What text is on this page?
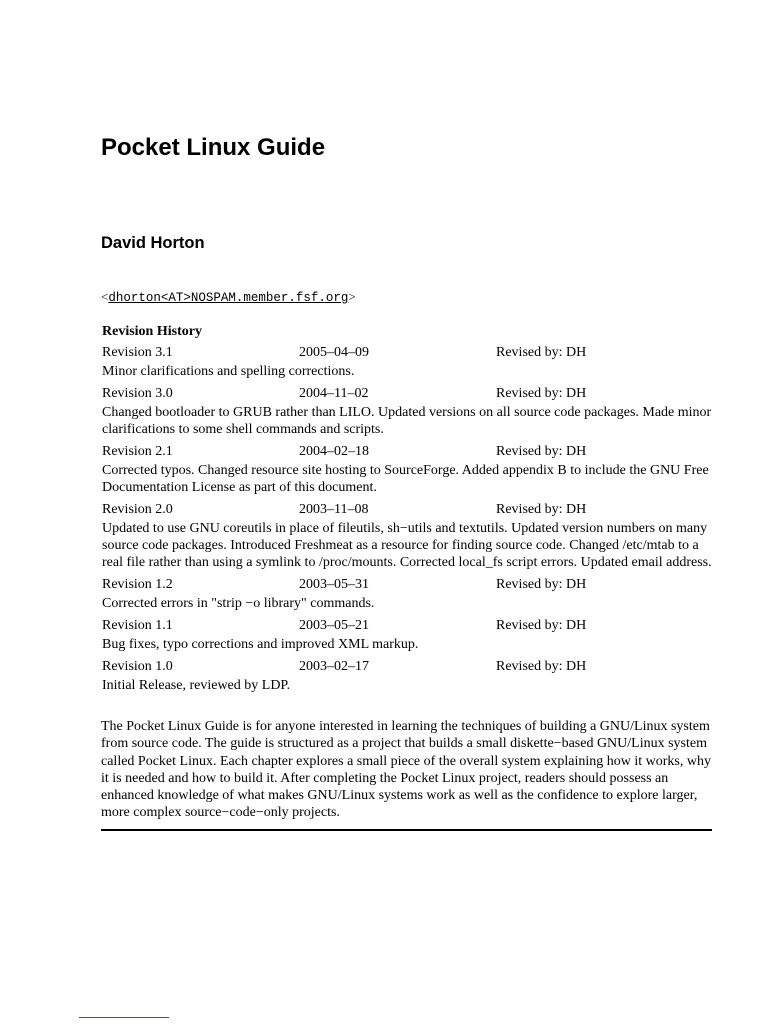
Pocket Linux Guide
David Horton
<dhorton<AT>NOSPAM.member.fsf.org>
Revision History
Revision 3.1	2005–04–09	Revised by: DH
Minor clarifications and spelling corrections.
Revision 3.0	2004–11–02	Revised by: DH
Changed bootloader to GRUB rather than LILO. Updated versions on all source code packages. Made minor clarifications to some shell commands and scripts.
Revision 2.1	2004–02–18	Revised by: DH
Corrected typos. Changed resource site hosting to SourceForge. Added appendix B to include the GNU Free Documentation License as part of this document.
Revision 2.0	2003–11–08	Revised by: DH
Updated to use GNU coreutils in place of fileutils, sh−utils and textutils. Updated version numbers on many source code packages. Introduced Freshmeat as a resource for finding source code. Changed /etc/mtab to a real file rather than using a symlink to /proc/mounts. Corrected local_fs script errors. Updated email address.
Revision 1.2	2003–05–31	Revised by: DH
Corrected errors in "strip −o library" commands.
Revision 1.1	2003–05–21	Revised by: DH
Bug fixes, typo corrections and improved XML markup.
Revision 1.0	2003–02–17	Revised by: DH
Initial Release, reviewed by LDP.

The Pocket Linux Guide is for anyone interested in learning the techniques of building a GNU/Linux system from source code. The guide is structured as a project that builds a small diskette−based GNU/Linux system called Pocket Linux. Each chapter explores a small piece of the overall system explaining how it works, why it is needed and how to build it. After completing the Pocket Linux project, readers should possess an enhanced knowledge of what makes GNU/Linux systems work as well as the confidence to explore larger, more complex source−code−only projects.
